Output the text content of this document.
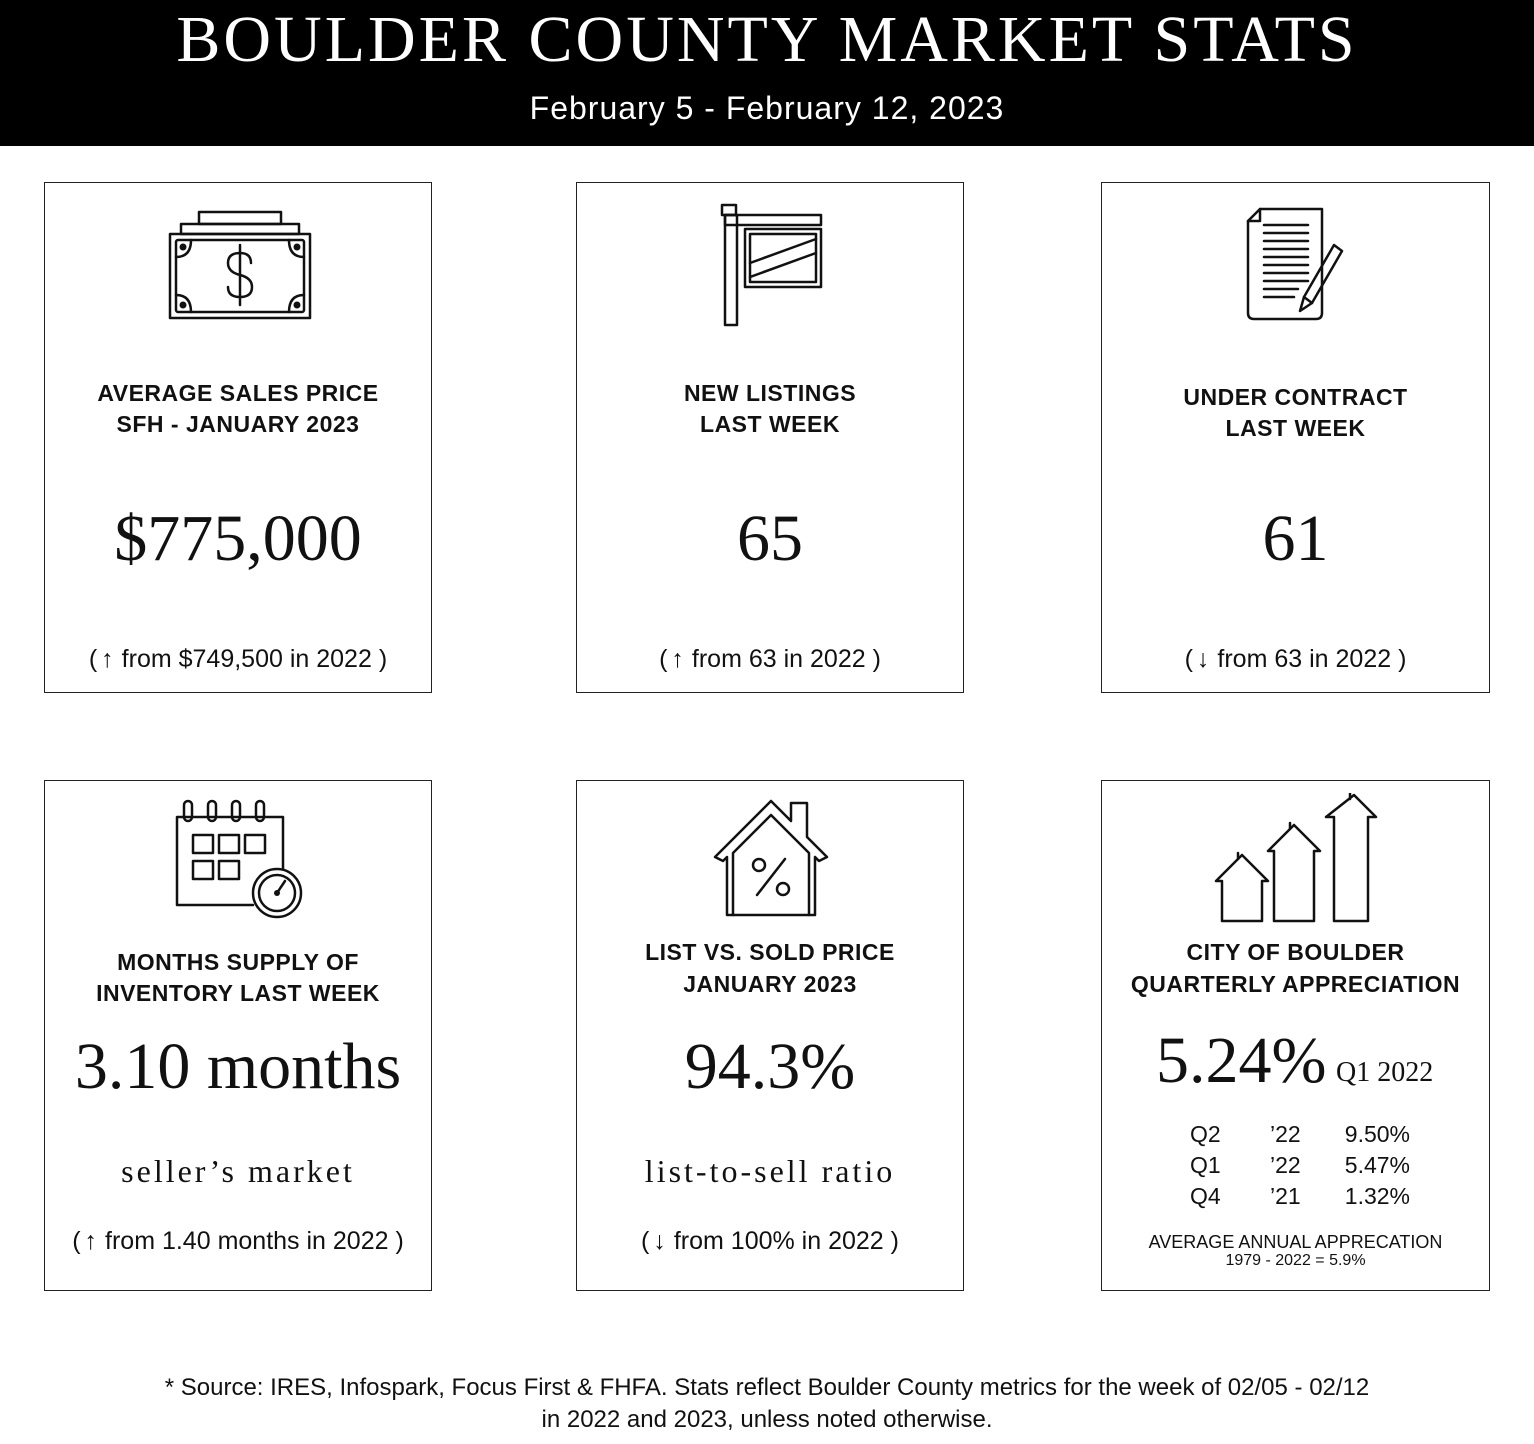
BOULDER COUNTY MARKET STATS
February 5 - February 12, 2023
AVERAGE SALES PRICE
SFH - JANUARY 2023
$775,000
( ↑ from $749,500 in 2022 )
NEW LISTINGS
LAST WEEK
65
( ↑ from 63 in 2022 )
UNDER CONTRACT
LAST WEEK
61
( ↓ from 63 in 2022 )
MONTHS SUPPLY OF
INVENTORY LAST WEEK
3.10 months
seller’s market
( ↑ from 1.40 months in 2022 )
LIST VS. SOLD PRICE
JANUARY 2023
94.3%
list-to-sell ratio
( ↓ from 100% in 2022 )
CITY OF BOULDER
QUARTERLY APPRECIATION
5.24% Q1 2022
Q2 ’22 9.50%
Q1 ’22 5.47%
Q4 ’21 1.32%
AVERAGE ANNUAL APPRECATION
1979 - 2022 = 5.9%
* Source: IRES, Infospark, Focus First & FHFA. Stats reflect Boulder County metrics for the week of 02/05 - 02/12
in 2022 and 2023, unless noted otherwise.
